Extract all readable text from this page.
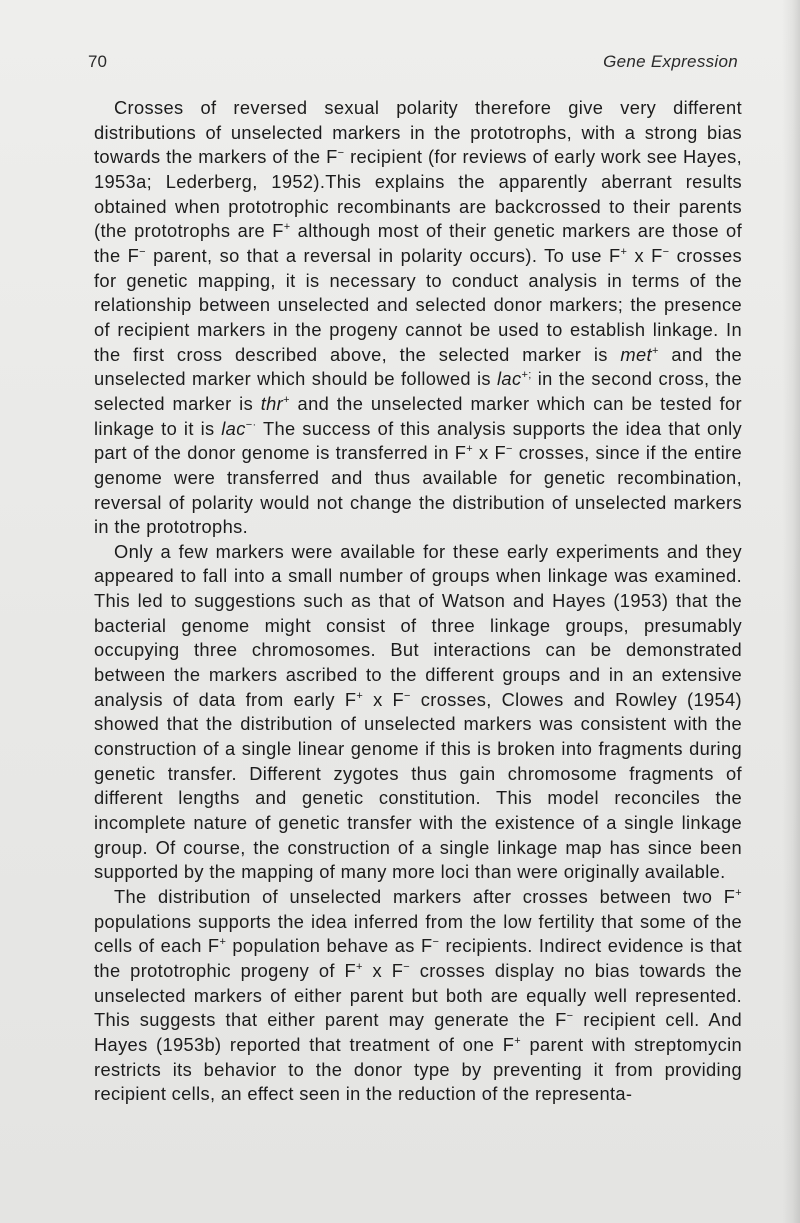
70	Gene Expression

Crosses of reversed sexual polarity therefore give very different distributions of unselected markers in the prototrophs, with a strong bias towards the markers of the F− recipient (for reviews of early work see Hayes, 1953a; Lederberg, 1952).This explains the apparently aberrant results obtained when prototrophic recombinants are backcrossed to their parents (the prototrophs are F+ although most of their genetic markers are those of the F− parent, so that a reversal in polarity occurs). To use F+ x F− crosses for genetic mapping, it is necessary to conduct analysis in terms of the relationship between unselected and selected donor markers; the presence of recipient markers in the progeny cannot be used to establish linkage. In the first cross described above, the selected marker is met+ and the unselected marker which should be followed is lac+; in the second cross, the selected marker is thr+ and the unselected marker which can be tested for linkage to it is lac−· The success of this analysis supports the idea that only part of the donor genome is transferred in F+ x F− crosses, since if the entire genome were transferred and thus available for genetic recombination, reversal of polarity would not change the distribution of unselected markers in the prototrophs.

Only a few markers were available for these early experiments and they appeared to fall into a small number of groups when linkage was examined. This led to suggestions such as that of Watson and Hayes (1953) that the bacterial genome might consist of three linkage groups, presumably occupying three chromosomes. But interactions can be demonstrated between the markers ascribed to the different groups and in an extensive analysis of data from early F+ x F− crosses, Clowes and Rowley (1954) showed that the distribution of unselected markers was consistent with the construction of a single linear genome if this is broken into fragments during genetic transfer. Different zygotes thus gain chromosome fragments of different lengths and genetic constitution. This model reconciles the incomplete nature of genetic transfer with the existence of a single linkage group. Of course, the construction of a single linkage map has since been supported by the mapping of many more loci than were originally available.

The distribution of unselected markers after crosses between two F+ populations supports the idea inferred from the low fertility that some of the cells of each F+ population behave as F− recipients. Indirect evidence is that the prototrophic progeny of F+ x F− crosses display no bias towards the unselected markers of either parent but both are equally well represented. This suggests that either parent may generate the F− recipient cell. And Hayes (1953b) reported that treatment of one F+ parent with streptomycin restricts its behavior to the donor type by preventing it from providing recipient cells, an effect seen in the reduction of the representa-
